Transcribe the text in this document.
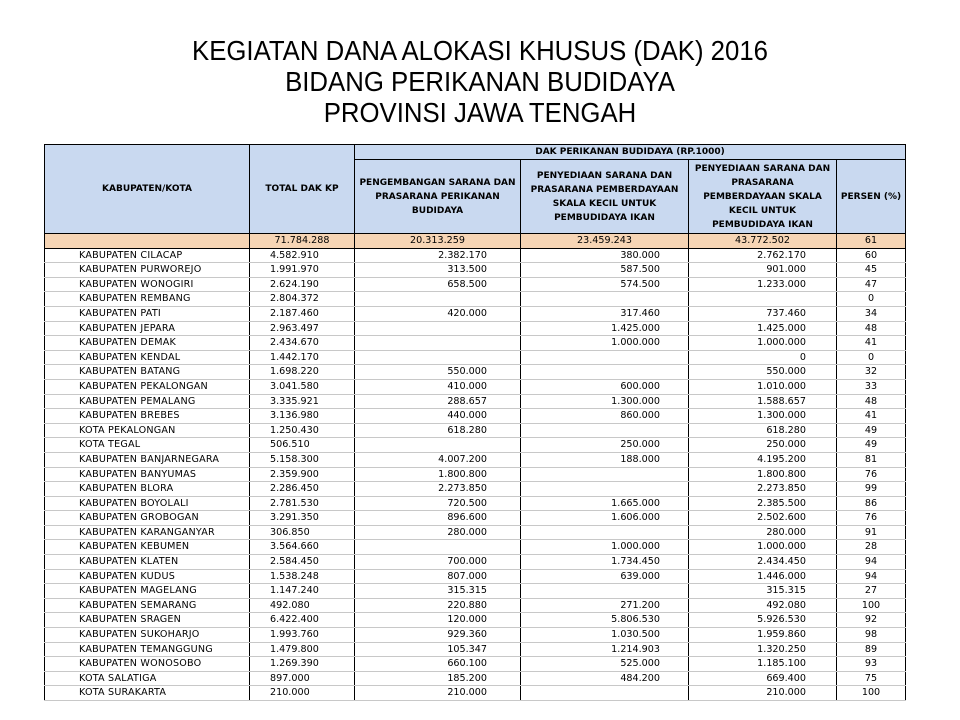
KEGIATAN DANA ALOKASI KHUSUS (DAK) 2016
BIDANG PERIKANAN BUDIDAYA
PROVINSI JAWA TENGAH
KABUPATEN/KOTA	TOTAL DAK KP	DAK PERIKANAN BUDIDAYA (RP.1000)			
		PENGEMBANGAN SARANA DAN PRASARANA PERIKANAN BUDIDAYA	PENYEDIAAN SARANA DAN PRASARANA PEMBERDAYAAN SKALA KECIL UNTUK PEMBUDIDAYA IKAN	PENYEDIAAN SARANA DAN PRASARANA PEMBERDAYAAN SKALA KECIL UNTUK PEMBUDIDAYA IKAN	PERSEN (%)
	71.784.288	20.313.259	23.459.243	43.772.502	61
KABUPATEN CILACAP	4.582.910	2.382.170	380.000	2.762.170	60
KABUPATEN PURWOREJO	1.991.970	313.500	587.500	901.000	45
KABUPATEN WONOGIRI	2.624.190	658.500	574.500	1.233.000	47
KABUPATEN REMBANG	2.804.372				0
KABUPATEN PATI	2.187.460	420.000	317.460	737.460	34
KABUPATEN JEPARA	2.963.497		1.425.000	1.425.000	48
KABUPATEN DEMAK	2.434.670		1.000.000	1.000.000	41
KABUPATEN KENDAL	1.442.170			0	0
KABUPATEN BATANG	1.698.220	550.000		550.000	32
KABUPATEN PEKALONGAN	3.041.580	410.000	600.000	1.010.000	33
KABUPATEN PEMALANG	3.335.921	288.657	1.300.000	1.588.657	48
KABUPATEN BREBES	3.136.980	440.000	860.000	1.300.000	41
KOTA PEKALONGAN	1.250.430	618.280		618.280	49
KOTA TEGAL	506.510		250.000	250.000	49
KABUPATEN BANJARNEGARA	5.158.300	4.007.200	188.000	4.195.200	81
KABUPATEN BANYUMAS	2.359.900	1.800.800		1.800.800	76
KABUPATEN BLORA	2.286.450	2.273.850		2.273.850	99
KABUPATEN BOYOLALI	2.781.530	720.500	1.665.000	2.385.500	86
KABUPATEN GROBOGAN	3.291.350	896.600	1.606.000	2.502.600	76
KABUPATEN KARANGANYAR	306.850	280.000		280.000	91
KABUPATEN KEBUMEN	3.564.660		1.000.000	1.000.000	28
KABUPATEN KLATEN	2.584.450	700.000	1.734.450	2.434.450	94
KABUPATEN KUDUS	1.538.248	807.000	639.000	1.446.000	94
KABUPATEN MAGELANG	1.147.240	315.315		315.315	27
KABUPATEN SEMARANG	492.080	220.880	271.200	492.080	100
KABUPATEN SRAGEN	6.422.400	120.000	5.806.530	5.926.530	92
KABUPATEN SUKOHARJO	1.993.760	929.360	1.030.500	1.959.860	98
KABUPATEN TEMANGGUNG	1.479.800	105.347	1.214.903	1.320.250	89
KABUPATEN WONOSOBO	1.269.390	660.100	525.000	1.185.100	93
KOTA SALATIGA	897.000	185.200	484.200	669.400	75
KOTA SURAKARTA	210.000	210.000		210.000	100
